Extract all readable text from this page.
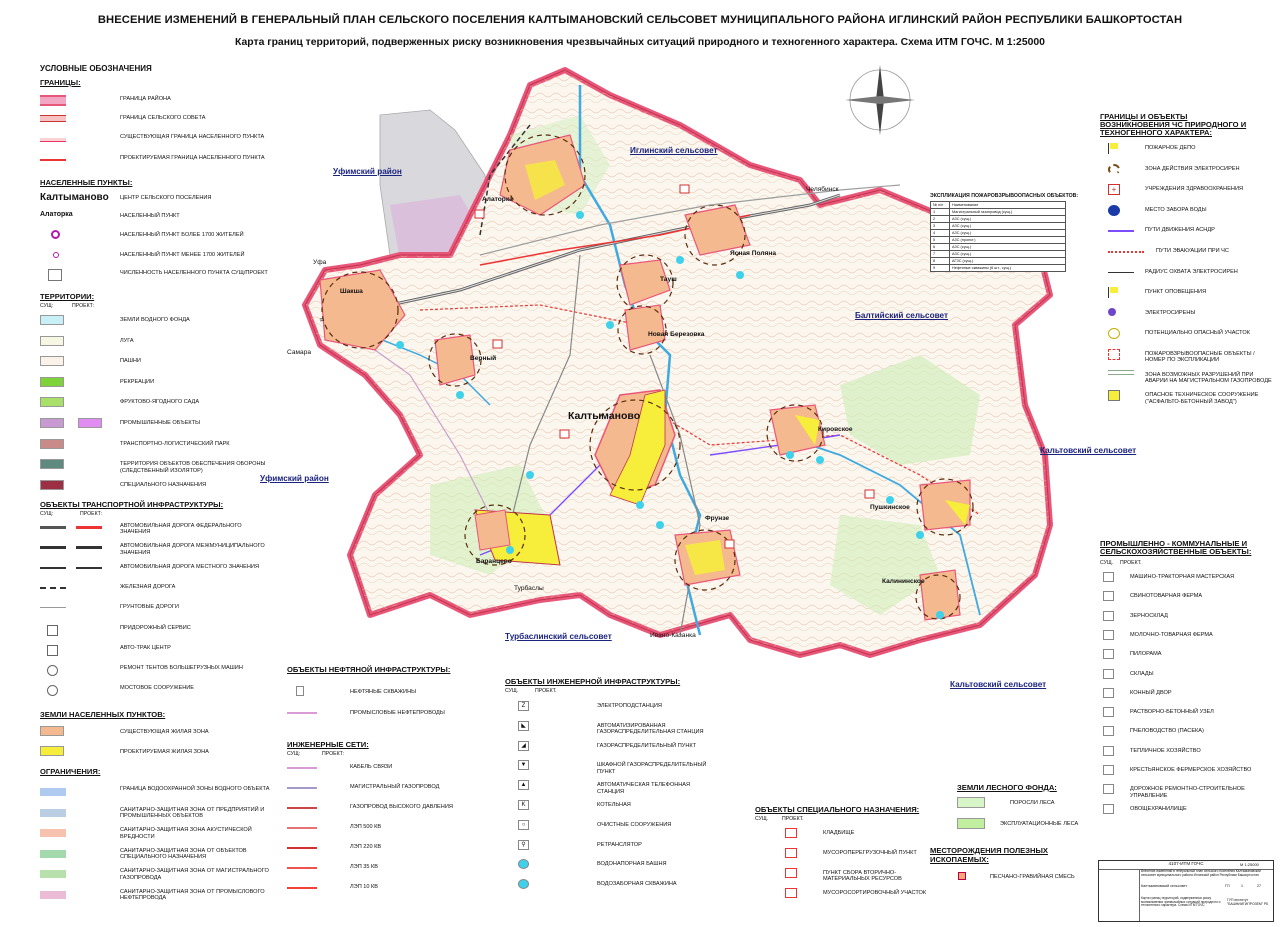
ВНЕСЕНИЕ ИЗМЕНЕНИЙ В ГЕНЕРАЛЬНЫЙ ПЛАН СЕЛЬСКОГО ПОСЕЛЕНИЯ КАЛТЫМАНОВСКИЙ СЕЛЬСОВЕТ МУНИЦИПАЛЬНОГО РАЙОНА ИГЛИНСКИЙ РАЙОН РЕСПУБЛИКИ БАШКОРТОСТАН
Карта границ территорий, подверженных риску возникновения чрезвычайных ситуаций природного и техногенного характера. Схема ИТМ ГОЧС. М 1:25000
УСЛОВНЫЕ ОБОЗНАЧЕНИЯ
ГРАНИЦЫ:
ГРАНИЦА РАЙОНА
ГРАНИЦА СЕЛЬСКОГО СОВЕТА
СУЩЕСТВУЮЩАЯ ГРАНИЦА НАСЕЛЕННОГО ПУНКТА
ПРОЕКТИРУЕМАЯ ГРАНИЦА НАСЕЛЕННОГО ПУНКТА
НАСЕЛЕННЫЕ ПУНКТЫ:
Калтыманово ЦЕНТР СЕЛЬСКОГО ПОСЕЛЕНИЯ
Алаторка	НАСЕЛЕННЫЙ ПУНКТ
НАСЕЛЕННЫЙ ПУНКТ БОЛЕЕ 1700 ЖИТЕЛЕЙ
НАСЕЛЕННЫЙ ПУНКТ МЕНЕЕ 1700 ЖИТЕЛЕЙ
ЧИСЛЕННОСТЬ НАСЕЛЕННОГО ПУНКТА СУЩ/ПРОЕКТ
ТЕРРИТОРИИ:
СУЩ:	ПРОЕКТ:
ОБЪЕКТЫ ТРАНСПОРТНОЙ ИНФРАСТРУКТУРЫ:
СУЩ:	ПРОЕКТ:
ЗЕМЛИ НАСЕЛЕННЫХ ПУНКТОВ:
СУЩЕСТВУЮЩАЯ ЖИЛАЯ ЗОНА
ПРОЕКТИРУЕМАЯ ЖИЛАЯ ЗОНА
ОГРАНИЧЕНИЯ:
Иглинский сельсовет
Уфимский район
Уфимский район
Балтийский сельсовет
Кальтовский сельсовет
Кальтовский сельсовет
Турбаслинский сельсовет
Калтыманово
Алаторка
Ясная Поляна
Тауш
Новая Березовка
Шакша
Верный
Кировское
Пушкинское
Фрунзе
Баранцево
Калининское
Челябинск
Уфа
Самара
Турбаслы
Ивано-Казанка
ЭКСПЛИКАЦИЯ ПОЖАРОВЗРЫВООПАСНЫХ ОБЪЕКТОВ:
№ п/п	Наименование
1	Магистральный газопровод (сущ.)
2	АЗС (сущ.)
3	АЗС (сущ.)
4	АЗС (сущ.)
5	АЗС (проект.)
6	АЗС (сущ.)
7	АЗС (сущ.)
8	АГЗС (сущ.)
9	Нефтяные скважины (6 шт., сущ.)
ОБЪЕКТЫ НЕФТЯНОЙ ИНФРАСТРУКТУРЫ:
НЕФТЯНЫЕ СКВАЖИНЫ
ПРОМЫСЛОВЫЕ НЕФТЕПРОВОДЫ
ИНЖЕНЕРНЫЕ СЕТИ:
СУЩ:	ПРОЕКТ:
ОБЪЕКТЫ ИНЖЕНЕРНОЙ ИНФРАСТРУКТУРЫ:
СУЩ.	ПРОЕКТ.
ОБЪЕКТЫ СПЕЦИАЛЬНОГО НАЗНАЧЕНИЯ:
СУЩ.	ПРОЕКТ.
ЗЕМЛИ ЛЕСНОГО ФОНДА:
ПОРОСЛИ ЛЕСА
ЭКСПЛУАТАЦИОННЫЕ ЛЕСА
МЕСТОРОЖДЕНИЯ ПОЛЕЗНЫХ ИСКОПАЕМЫХ:
ПЕСЧАНО-ГРАВИЙНАЯ СМЕСЬ
ГРАНИЦЫ И ОБЪЕКТЫ ВОЗНИКНОВЕНИЯ ЧС ПРИРОДНОГО И ТЕХНОГЕННОГО ХАРАКТЕРА:
ПРОМЫШЛЕННО - КОММУНАЛЬНЫЕ И СЕЛЬСКОХОЗЯЙСТВЕННЫЕ ОБЪЕКТЫ:
СУЩ. ПРОЕКТ.
4107-ИТМ ГОЧС
Внесение изменений в генеральный план сельского поселения Калтымановский сельсовет муниципального района Иглинский район Республики Башкортостан
Калтымановский сельсовет	ГП	1	27
Карта границ территорий, подверженных риску возникновения чрезвычайных ситуаций природного и техногенного характера. Схема ИТМ ГОЧС
ГУП институт "БАШНИИГИПРОЗЕМ" РБ
М 1:25000
ЗЕМЛИ ВОДНОГО ФОНДА
ЛУГА
ПАШНИ
РЕКРЕАЦИИ
ФРУКТОВО-ЯГОДНОГО САДА
ПРОМЫШЛЕННЫЕ ОБЪЕКТЫ
ТРАНСПОРТНО-ЛОГИСТИЧЕСКИЙ ПАРК
ТЕРРИТОРИЯ ОБЪЕКТОВ ОБЕСПЕЧЕНИЯ ОБОРОНЫ (СЛЕДСТВЕННЫЙ ИЗОЛЯТОР)
СПЕЦИАЛЬНОГО НАЗНАЧЕНИЯ
АВТОМОБИЛЬНАЯ ДОРОГА ФЕДЕРАЛЬНОГО ЗНАЧЕНИЯ
АВТОМОБИЛЬНАЯ ДОРОГА МЕЖМУНИЦИПАЛЬНОГО ЗНАЧЕНИЯ
АВТОМОБИЛЬНАЯ ДОРОГА МЕСТНОГО ЗНАЧЕНИЯ
ЖЕЛЕЗНАЯ ДОРОГА
ГРУНТОВЫЕ ДОРОГИ
ПРИДОРОЖНЫЙ СЕРВИС
АВТО-ТРАК ЦЕНТР
РЕМОНТ ТЕНТОВ БОЛЬШЕГРУЗНЫХ МАШИН
МОСТОВОЕ СООРУЖЕНИЕ
ГРАНИЦА ВОДООХРАННОЙ ЗОНЫ ВОДНОГО ОБЪЕКТА
САНИТАРНО-ЗАЩИТНАЯ ЗОНА ОТ ПРЕДПРИЯТИЙ И ПРОМЫШЛЕННЫХ ОБЪЕКТОВ
САНИТАРНО-ЗАЩИТНАЯ ЗОНА АКУСТИЧЕСКОЙ ВРЕДНОСТИ
САНИТАРНО-ЗАЩИТНАЯ ЗОНА ОТ ОБЪЕКТОВ СПЕЦИАЛЬНОГО НАЗНАЧЕНИЯ
САНИТАРНО-ЗАЩИТНАЯ ЗОНА ОТ МАГИСТРАЛЬНОГО ГАЗОПРОВОДА
САНИТАРНО-ЗАЩИТНАЯ ЗОНА ОТ ПРОМЫСЛОВОГО НЕФТЕПРОВОДА
КАБЕЛЬ СВЯЗИ
МАГИСТРАЛЬНЫЙ ГАЗОПРОВОД
ГАЗОПРОВОД ВЫСОКОГО ДАВЛЕНИЯ
ЛЭП 500 КВ
ЛЭП 220 КВ
ЛЭП 35 КВ
ЛЭП 10 КВ
Z	ЭЛЕКТРОПОДСТАНЦИЯ
◣	АВТОМАТИЗИРОВАННАЯ ГАЗОРАСПРЕДЕЛИТЕЛЬНАЯ СТАНЦИЯ
◢	ГАЗОРАСПРЕДЕЛИТЕЛЬНЫЙ ПУНКТ
▼	ШКАФНОЙ ГАЗОРАСПРЕДЕЛИТЕЛЬНЫЙ ПУНКТ
▲	АВТОМАТИЧЕСКАЯ ТЕЛЕФОННАЯ СТАНЦИЯ
K	КОТЕЛЬНАЯ
○	ОЧИСТНЫЕ СООРУЖЕНИЯ
⚲	РЕТРАНСЛЯТОР
ВОДОНАПОРНАЯ БАШНЯ
ВОДОЗАБОРНАЯ СКВАЖИНА
КЛАДБИЩЕ
МУСОРОПЕРЕГРУЗОЧНЫЙ ПУНКТ
ПУНКТ СБОРА ВТОРИЧНО-МАТЕРИАЛЬНЫХ РЕСУРСОВ
МУСОРОСОРТИРОВОЧНЫЙ УЧАСТОК
ПОЖАРНОЕ ДЕПО
ЗОНА ДЕЙСТВИЯ ЭЛЕКТРОСИРЕН
+	УЧРЕЖДЕНИЯ ЗДРАВООХРАНЕНИЯ
МЕСТО ЗАБОРА ВОДЫ
ПУТИ ДВИЖЕНИЯ АСНДР
ПУТИ ЭВАКУАЦИИ ПРИ ЧС
РАДИУС ОХВАТА ЭЛЕКТРОСИРЕН
ПУНКТ ОПОВЕЩЕНИЯ
ЭЛЕКТРОСИРЕНЫ
ПОТЕНЦИАЛЬНО ОПАСНЫЙ УЧАСТОК
ПОЖАРОВЗРЫВООПАСНЫЕ ОБЪЕКТЫ / НОМЕР ПО ЭКСПЛИКАЦИИ
ЗОНА ВОЗМОЖНЫХ РАЗРУШЕНИЙ ПРИ АВАРИИ НА МАГИСТРАЛЬНОМ ГАЗОПРОВОДЕ
ОПАСНОЕ ТЕХНИЧЕСКОЕ СООРУЖЕНИЕ ("АСФАЛЬТО-БЕТОННЫЙ ЗАВОД")
МАШИНО-ТРАКТОРНАЯ МАСТЕРСКАЯ
СВИНОТОВАРНАЯ ФЕРМА
ЗЕРНОСКЛАД
МОЛОЧНО-ТОВАРНАЯ ФЕРМА
ПИЛОРАМА
СКЛАДЫ
КОННЫЙ ДВОР
РАСТВОРНО-БЕТОННЫЙ УЗЕЛ
ПЧЕЛОВОДСТВО (ПАСЕКА)
ТЕПЛИЧНОЕ ХОЗЯЙСТВО
КРЕСТЬЯНСКОЕ ФЕРМЕРСКОЕ ХОЗЯЙСТВО
ДОРОЖНОЕ РЕМОНТНО-СТРОИТЕЛЬНОЕ УПРАВЛЕНИЕ
ОВОЩЕХРАНИЛИЩЕ
